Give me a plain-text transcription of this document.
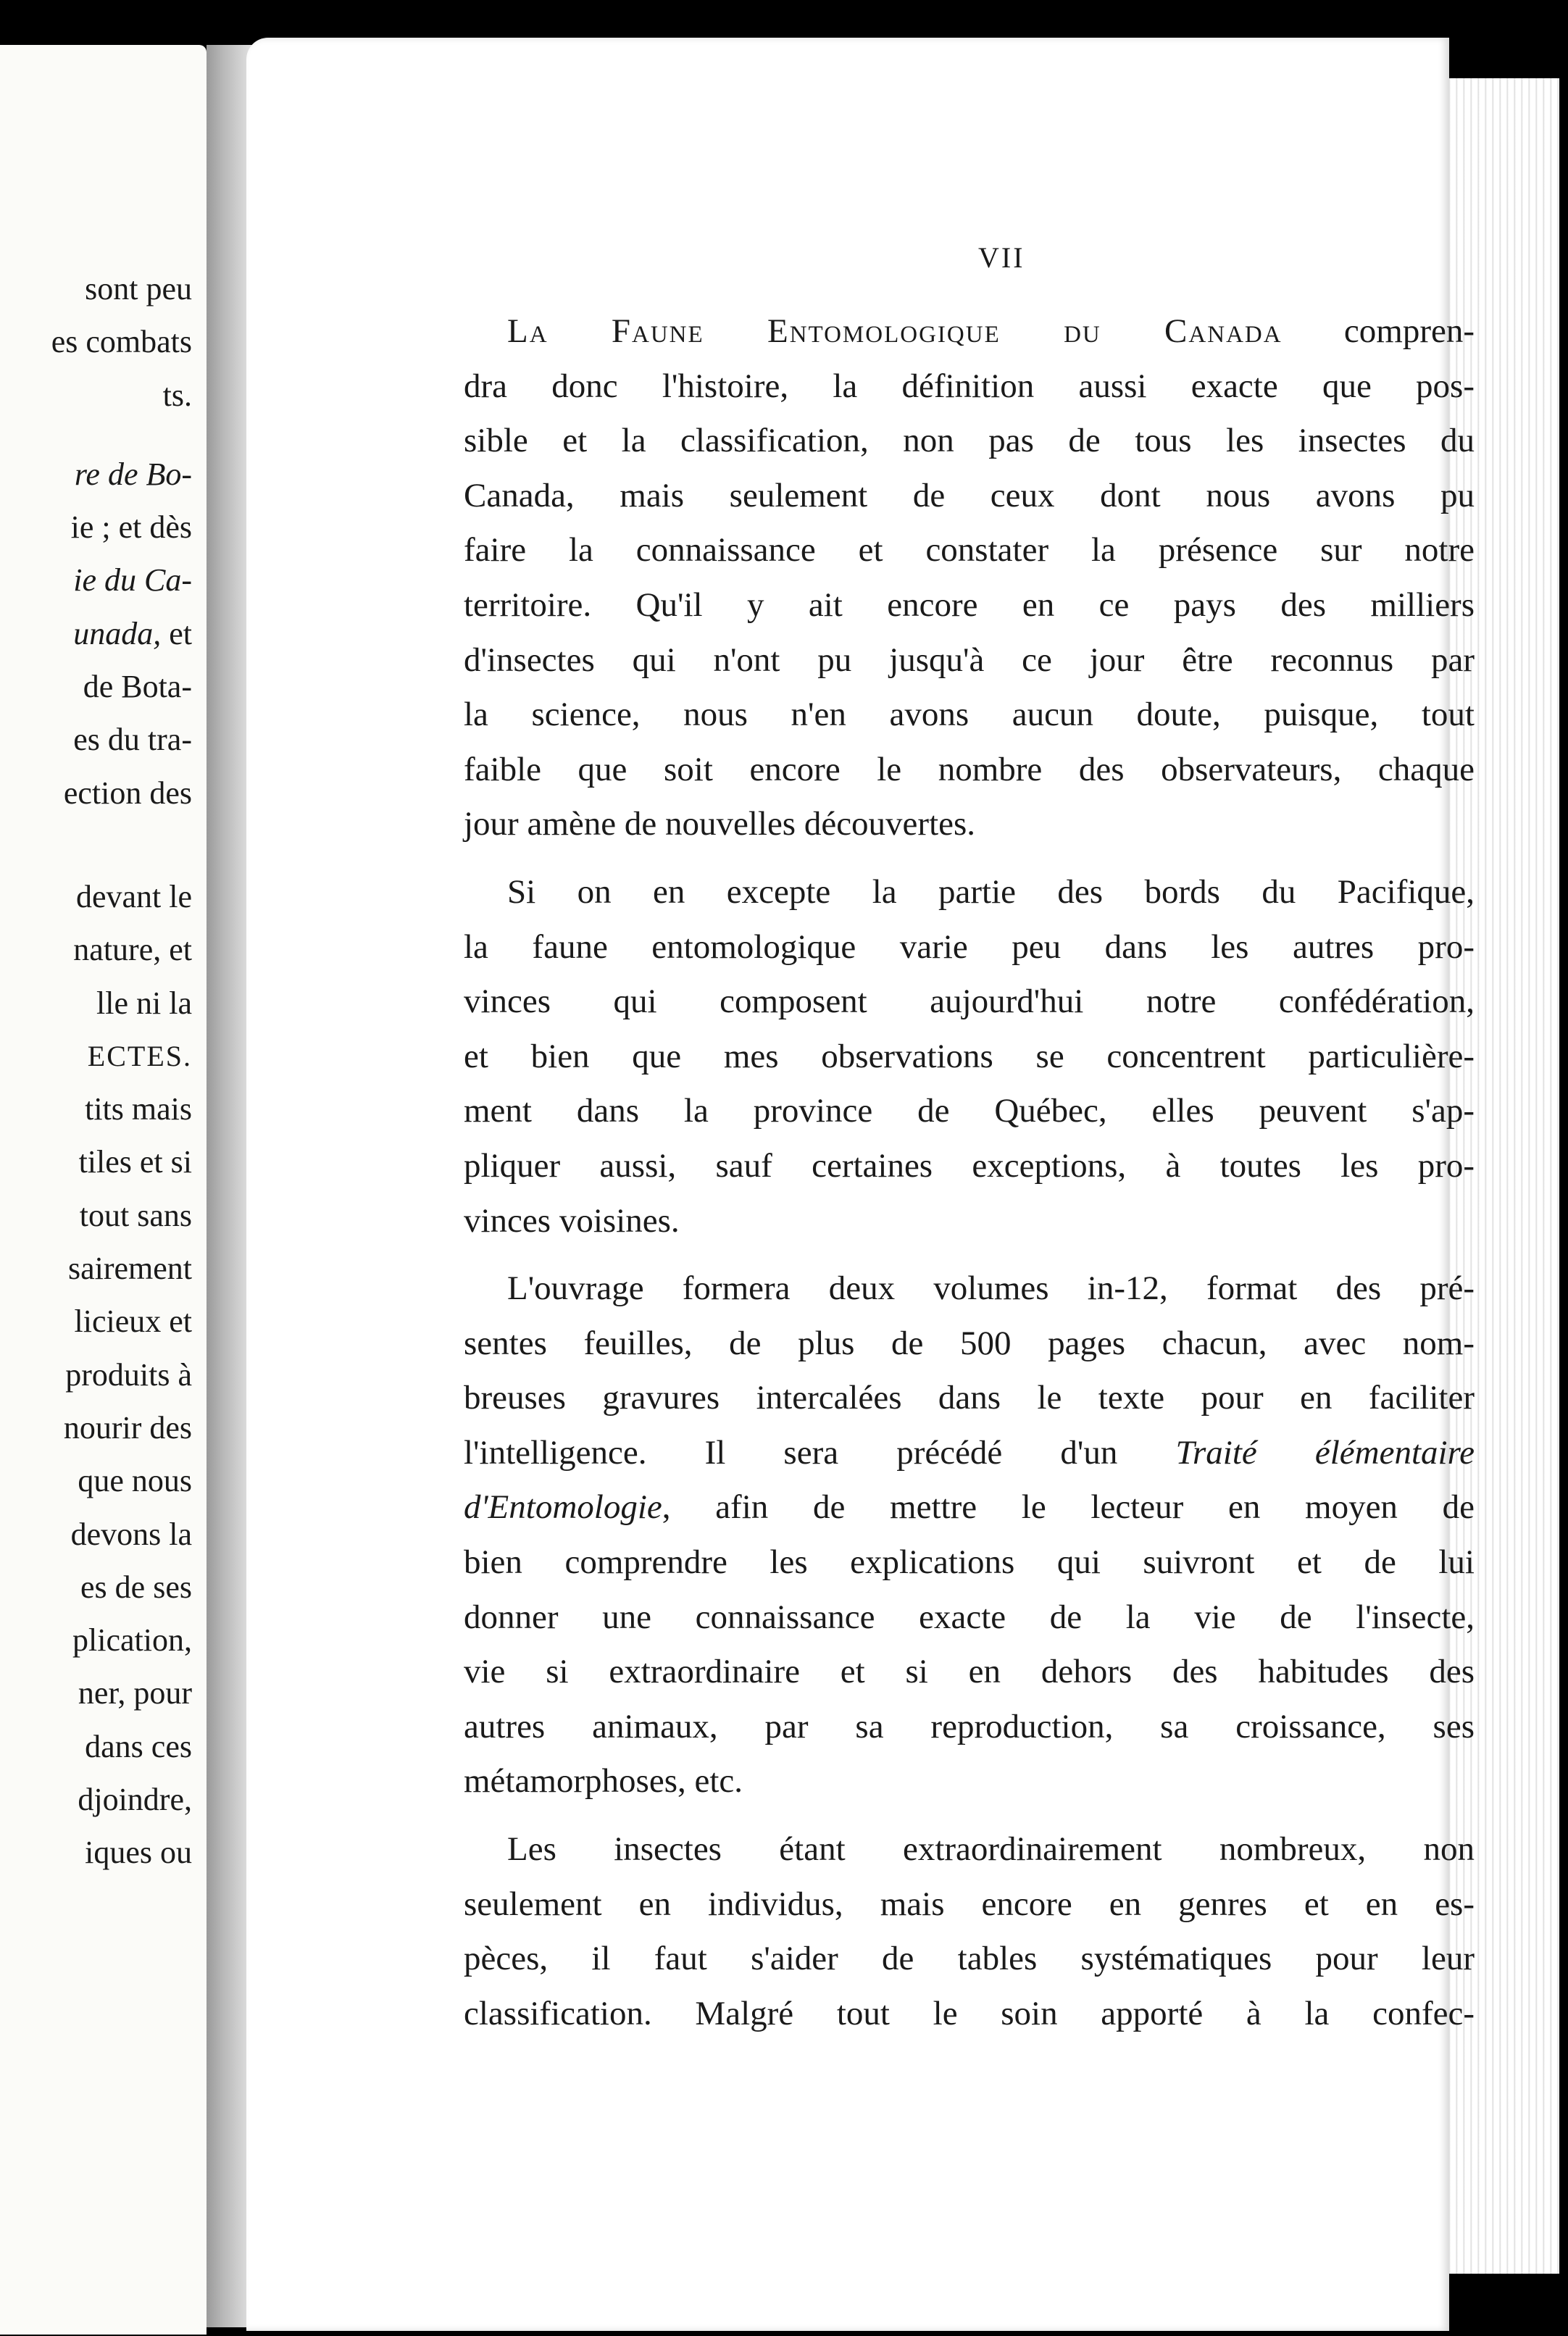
sont peu
es combats
ts.
re de Bo-
ie ; et dès
ie du Ca-
unada, et
de Bota-
es du tra-
ection des
devant le
nature, et
lle ni la
ECTES.
tits mais
tiles et si
tout sans
sairement
licieux et
produits à
nourir des
que nous
devons la
es de ses
plication,
ner, pour
dans ces
djoindre,
iques ou
VII
La Faune Entomologique du Canada compren-
dra donc l'histoire, la définition aussi exacte que pos-
sible et la classification, non pas de tous les insectes du
Canada, mais seulement de ceux dont nous avons pu
faire la connaissance et constater la présence sur notre
territoire. Qu'il y ait encore en ce pays des milliers
d'insectes qui n'ont pu jusqu'à ce jour être reconnus par
la science, nous n'en avons aucun doute, puisque, tout
faible que soit encore le nombre des observateurs, chaque
jour amène de nouvelles découvertes.
Si on en excepte la partie des bords du Pacifique,
la faune entomologique varie peu dans les autres pro-
vinces qui composent aujourd'hui notre confédération,
et bien que mes observations se concentrent particulière-
ment dans la province de Québec, elles peuvent s'ap-
pliquer aussi, sauf certaines exceptions, à toutes les pro-
vinces voisines.
L'ouvrage formera deux volumes in-12, format des pré-
sentes feuilles, de plus de 500 pages chacun, avec nom-
breuses gravures intercalées dans le texte pour en faciliter
l'intelligence. Il sera précédé d'un Traité élémentaire
d'Entomologie, afin de mettre le lecteur en moyen de
bien comprendre les explications qui suivront et de lui
donner une connaissance exacte de la vie de l'insecte,
vie si extraordinaire et si en dehors des habitudes des
autres animaux, par sa reproduction, sa croissance, ses
métamorphoses, etc.
Les insectes étant extraordinairement nombreux, non
seulement en individus, mais encore en genres et en es-
pèces, il faut s'aider de tables systématiques pour leur
classification. Malgré tout le soin apporté à la confec-
